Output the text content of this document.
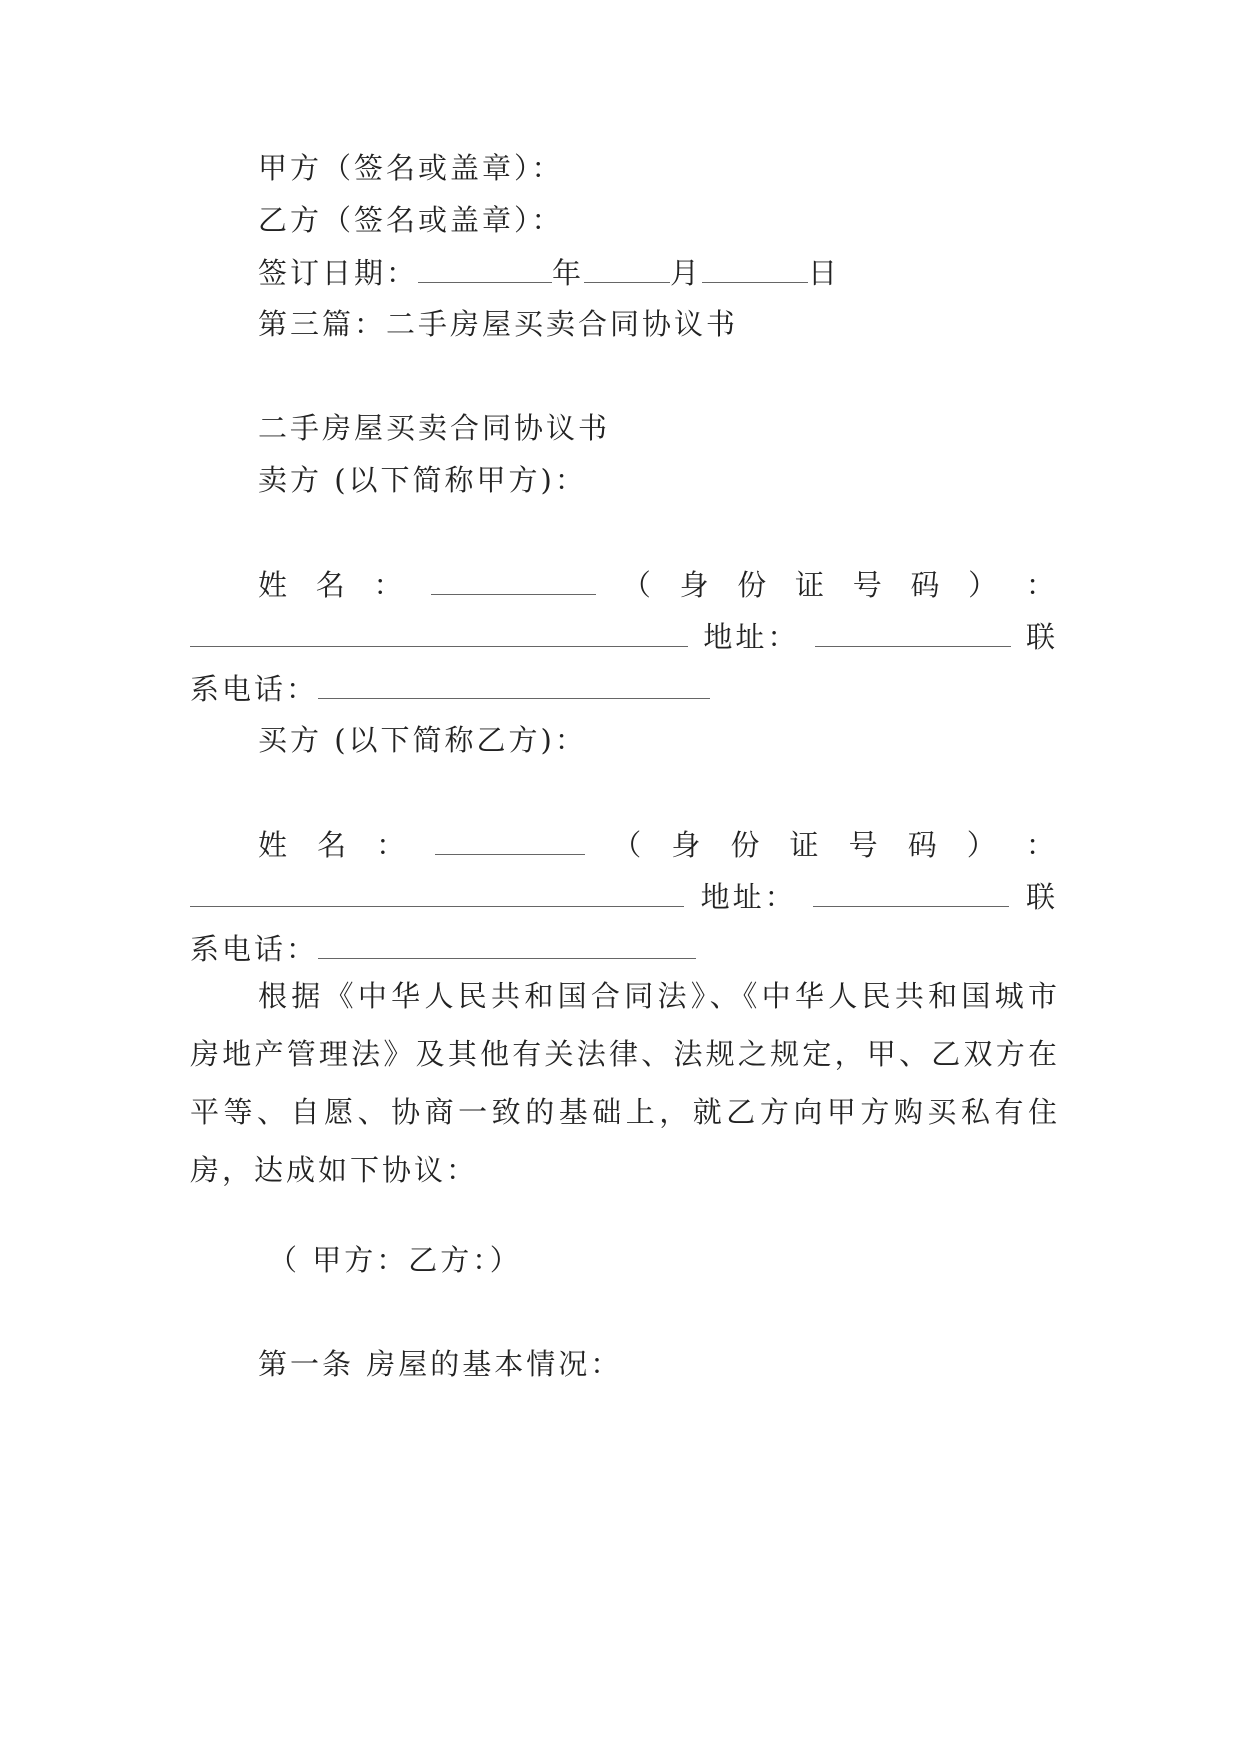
甲方（签名或盖章）：
乙方（签名或盖章）：
签订日期：	年	月	日
第三篇：二手房屋买卖合同协议书
二手房屋买卖合同协议书
卖方 (以下简称甲方)：
姓 名 ：	（ 身 份 证 号 码 ） ：
地址：	联
系电话：
买方 (以下简称乙方)：
姓 名 ：	（ 身 份 证 号 码 ） ：
地址：	联
系电话：
根据《中华人民共和国合同法》、《中华人民共和国城市房地产管理法》及其他有关法律、法规之规定，甲、乙双方在平等、自愿、协商一致的基础上，就乙方向甲方购买私有住房，达成如下协议：
（ 甲方：乙方：）
第一条 房屋的基本情况：
